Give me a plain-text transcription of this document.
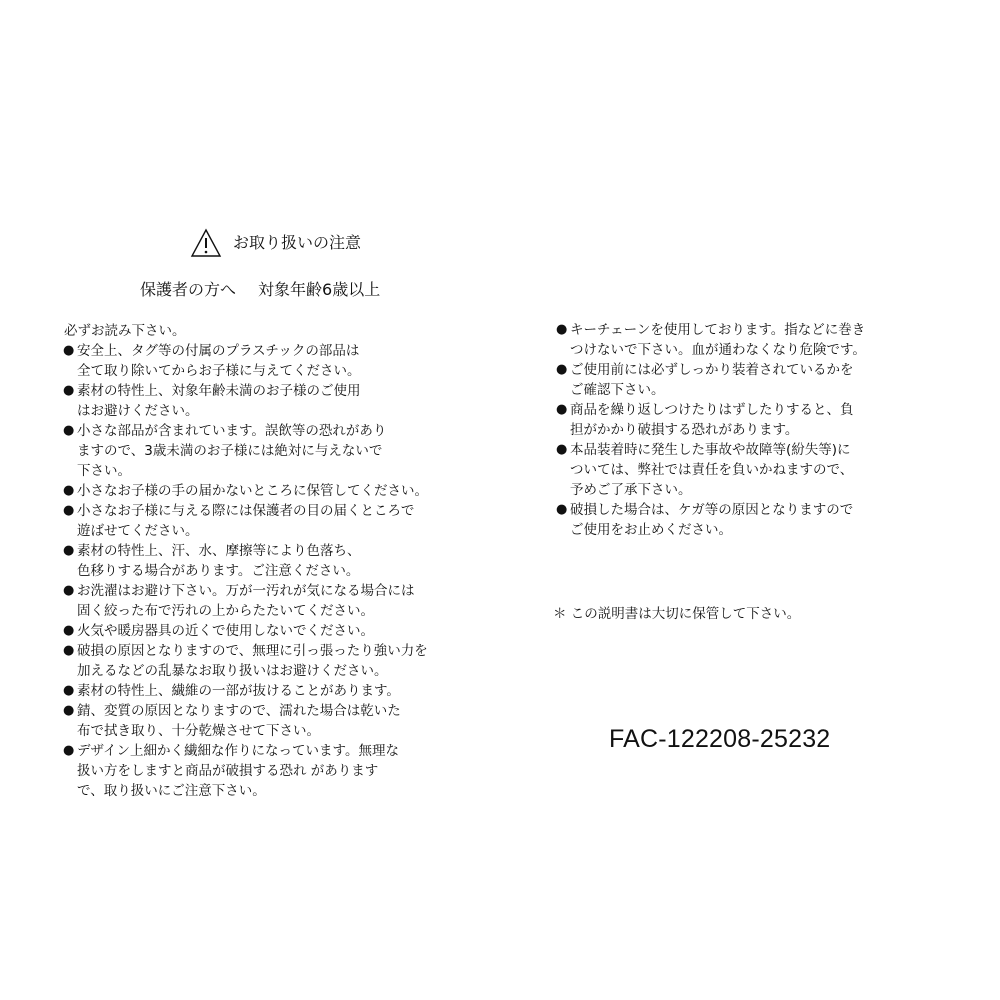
お取り扱いの注意
保護者の方へ 対象年齢6歳以上
必ずお読み下さい。
● 安全上、タグ等の付属のプラスチックの部品は
全て取り除いてからお子様に与えてください。
● 素材の特性上、対象年齢未満のお子様のご使用
はお避けください。
● 小さな部品が含まれています。誤飲等の恐れがあり
ますので、3歳未満のお子様には絶対に与えないで
下さい。
● 小さなお子様の手の届かないところに保管してください。
● 小さなお子様に与える際には保護者の目の届くところで
遊ばせてください。
● 素材の特性上、汗、水、摩擦等により色落ち、
色移りする場合があります。ご注意ください。
● お洗濯はお避け下さい。万が一汚れが気になる場合には
固く絞った布で汚れの上からたたいてください。
● 火気や暖房器具の近くで使用しないでください。
● 破損の原因となりますので、無理に引っ張ったり強い力を
加えるなどの乱暴なお取り扱いはお避けください。
● 素材の特性上、繊維の一部が抜けることがあります。
● 錆、変質の原因となりますので、濡れた場合は乾いた
布で拭き取り、十分乾燥させて下さい。
● デザイン上細かく繊細な作りになっています。無理な
扱い方をしますと商品が破損する恐れ があります
で、取り扱いにご注意下さい。
● キーチェーンを使用しております。指などに巻き
つけないで下さい。血が通わなくなり危険です。
● ご使用前には必ずしっかり装着されているかを
ご確認下さい。
● 商品を繰り返しつけたりはずしたりすると、負
担がかかり破損する恐れがあります。
● 本品装着時に発生した事故や故障等(紛失等)に
ついては、弊社では責任を負いかねますので、
予めご了承下さい。
● 破損した場合は、ケガ等の原因となりますので
ご使用をお止めください。
＊ この説明書は大切に保管して下さい。
FAC-122208-25232
